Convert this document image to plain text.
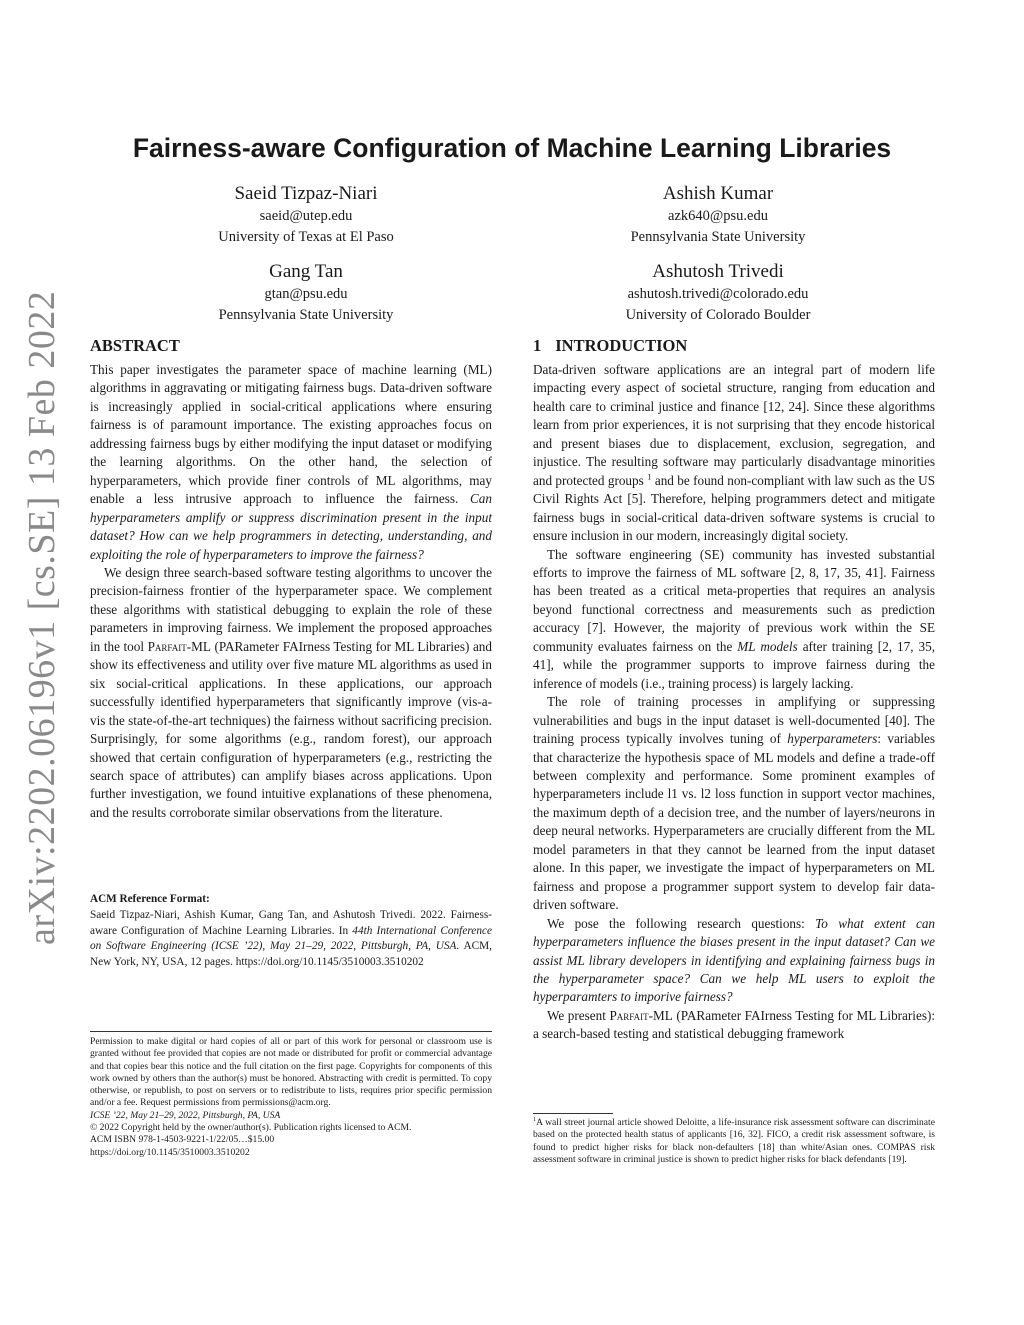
arXiv:2202.06196v1 [cs.SE] 13 Feb 2022
Fairness-aware Configuration of Machine Learning Libraries
Saeid Tizpaz-Niari
saeid@utep.edu
University of Texas at El Paso
Ashish Kumar
azk640@psu.edu
Pennsylvania State University
Gang Tan
gtan@psu.edu
Pennsylvania State University
Ashutosh Trivedi
ashutosh.trivedi@colorado.edu
University of Colorado Boulder
ABSTRACT

This paper investigates the parameter space of machine learning (ML) algorithms in aggravating or mitigating fairness bugs. Data-driven software is increasingly applied in social-critical applications where ensuring fairness is of paramount importance. The existing approaches focus on addressing fairness bugs by either modifying the input dataset or modifying the learning algorithms. On the other hand, the selection of hyperparameters, which provide finer controls of ML algorithms, may enable a less intrusive approach to influence the fairness. Can hyperparameters amplify or suppress discrimination present in the input dataset? How can we help programmers in detecting, understanding, and exploiting the role of hyperparameters to improve the fairness?

We design three search-based software testing algorithms to uncover the precision-fairness frontier of the hyperparameter space. We complement these algorithms with statistical debugging to explain the role of these parameters in improving fairness. We implement the proposed approaches in the tool Parfait-ML (PARameter FAIrness Testing for ML Libraries) and show its effectiveness and utility over five mature ML algorithms as used in six social-critical applications. In these applications, our approach successfully identified hyperparameters that significantly improve (vis-a-vis the state-of-the-art techniques) the fairness without sacrificing precision. Surprisingly, for some algorithms (e.g., random forest), our approach showed that certain configuration of hyperparameters (e.g., restricting the search space of attributes) can amplify biases across applications. Upon further investigation, we found intuitive explanations of these phenomena, and the results corroborate similar observations from the literature.

ACM Reference Format:

Saeid Tizpaz-Niari, Ashish Kumar, Gang Tan, and Ashutosh Trivedi. 2022. Fairness-aware Configuration of Machine Learning Libraries. In 44th International Conference on Software Engineering (ICSE ’22), May 21–29, 2022, Pittsburgh, PA, USA. ACM, New York, NY, USA, 12 pages. https://doi.org/10.1145/3510003.3510202

Permission to make digital or hard copies of all or part of this work for personal or classroom use is granted without fee provided that copies are not made or distributed for profit or commercial advantage and that copies bear this notice and the full citation on the first page. Copyrights for components of this work owned by others than the author(s) must be honored. Abstracting with credit is permitted. To copy otherwise, or republish, to post on servers or to redistribute to lists, requires prior specific permission and/or a fee. Request permissions from permissions@acm.org.

ICSE ’22, May 21–29, 2022, Pittsburgh, PA, USA

© 2022 Copyright held by the owner/author(s). Publication rights licensed to ACM.

ACM ISBN 978-1-4503-9221-1/22/05…$15.00

https://doi.org/10.1145/3510003.3510202

1 INTRODUCTION

Data-driven software applications are an integral part of modern life impacting every aspect of societal structure, ranging from education and health care to criminal justice and finance [12, 24]. Since these algorithms learn from prior experiences, it is not surprising that they encode historical and present biases due to displacement, exclusion, segregation, and injustice. The resulting software may particularly disadvantage minorities and protected groups $^1$ and be found non-compliant with law such as the US Civil Rights Act [5]. Therefore, helping programmers detect and mitigate fairness bugs in social-critical data-driven software systems is crucial to ensure inclusion in our modern, increasingly digital society.

The software engineering (SE) community has invested substantial efforts to improve the fairness of ML software [2, 8, 17, 35, 41]. Fairness has been treated as a critical meta-properties that requires an analysis beyond functional correctness and measurements such as prediction accuracy [7]. However, the majority of previous work within the SE community evaluates fairness on the ML models after training [2, 17, 35, 41], while the programmer supports to improve fairness during the inference of models (i.e., training process) is largely lacking.

The role of training processes in amplifying or suppressing vulnerabilities and bugs in the input dataset is well-documented [40]. The training process typically involves tuning of hyperparameters: variables that characterize the hypothesis space of ML models and define a trade-off between complexity and performance. Some prominent examples of hyperparameters include l1 vs. l2 loss function in support vector machines, the maximum depth of a decision tree, and the number of layers/neurons in deep neural networks. Hyperparameters are crucially different from the ML model parameters in that they cannot be learned from the input dataset alone. In this paper, we investigate the impact of hyperparameters on ML fairness and propose a programmer support system to develop fair data-driven software.

We pose the following research questions: To what extent can hyperparameters influence the biases present in the input dataset? Can we assist ML library developers in identifying and explaining fairness bugs in the hyperparameter space? Can we help ML users to exploit the hyperparamters to imporive fairness?

We present Parfait-ML (PARameter FAIrness Testing for ML Libraries): a search-based testing and statistical debugging framework

$^1$A wall street journal article showed Deloitte, a life-insurance risk assessment software can discriminate based on the protected health status of applicants [16, 32]. FICO, a credit risk assessment software, is found to predict higher risks for black non-defaulters [18] than white/Asian ones. COMPAS risk assessment software in criminal justice is shown to predict higher risks for black defendants [19].
